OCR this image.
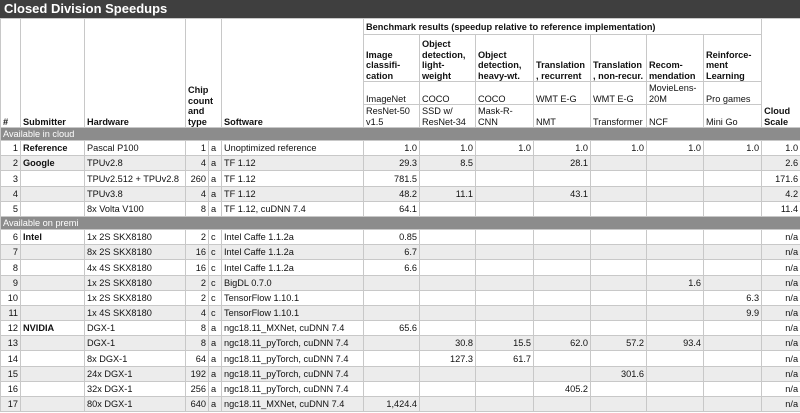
Closed Division Speedups
#	Submitter	Hardware	Chip count and type		Software	Benchmark results (speedup relative to reference implementation)							Cloud Scale
						Image classifi-cation	Object detection, light-weight	Object detection, heavy-wt.	Translation , recurrent	Translation , non-recur.	Recom-mendation	Reinforce-ment Learning	
						ImageNet	COCO	COCO	WMT E-G	WMT E-G	MovieLens-20M	Pro games	
						ResNet-50 v1.5	SSD w/ ResNet-34	Mask-R-CNN	NMT	Transformer	NCF	Mini Go	
Available in cloud													
1	Reference	Pascal P100	1	a	Unoptimized reference	1.0	1.0	1.0	1.0	1.0	1.0	1.0	1.0
2	Google	TPUv2.8	4	a	TF 1.12	29.3	8.5		28.1				2.6
3		TPUv2.512 + TPUv2.8	260	a	TF 1.12	781.5							171.6
4		TPUv3.8	4	a	TF 1.12	48.2	11.1		43.1				4.2
5		8x Volta V100	8	a	TF 1.12, cuDNN 7.4	64.1							11.4
Available on premi													
6	Intel	1x 2S SKX8180	2	c	Intel Caffe 1.1.2a	0.85							n/a
7		8x 2S SKX8180	16	c	Intel Caffe 1.1.2a	6.7							n/a
8		4x 4S SKX8180	16	c	Intel Caffe 1.1.2a	6.6							n/a
9		1x 2S SKX8180	2	c	BigDL 0.7.0						1.6		n/a
10		1x 2S SKX8180	2	c	TensorFlow 1.10.1							6.3	n/a
11		1x 4S SKX8180	4	c	TensorFlow 1.10.1							9.9	n/a
12	NVIDIA	DGX-1	8	a	ngc18.11_MXNet, cuDNN 7.4	65.6							n/a
13		DGX-1	8	a	ngc18.11_pyTorch, cuDNN 7.4		30.8	15.5	62.0	57.2	93.4		n/a
14		8x DGX-1	64	a	ngc18.11_pyTorch, cuDNN 7.4		127.3	61.7					n/a
15		24x DGX-1	192	a	ngc18.11_pyTorch, cuDNN 7.4					301.6			n/a
16		32x DGX-1	256	a	ngc18.11_pyTorch, cuDNN 7.4				405.2				n/a
17		80x DGX-1	640	a	ngc18.11_MXNet, cuDNN 7.4	1,424.4							n/a
